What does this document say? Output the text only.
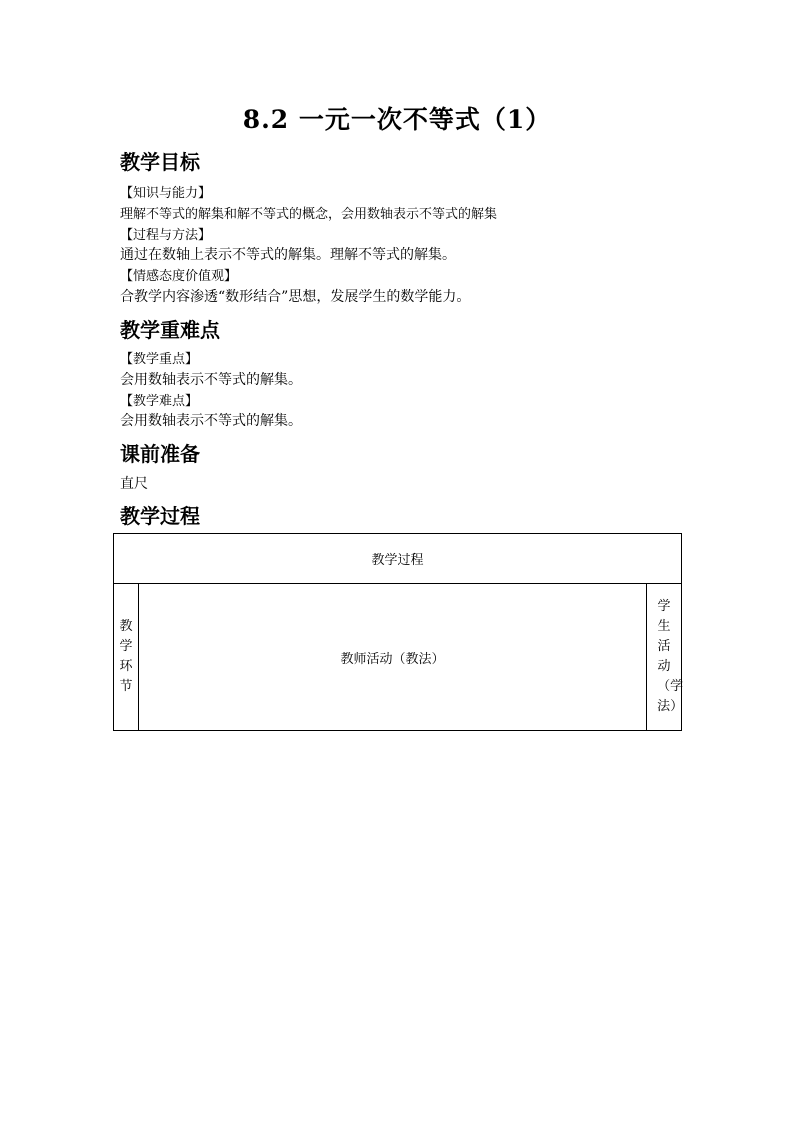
8.2 一元一次不等式（1）
教学目标
【知识与能力】
理解不等式的解集和解不等式的概念，会用数轴表示不等式的解集
【过程与方法】
通过在数轴上表示不等式的解集。理解不等式的解集。
【情感态度价值观】
合教学内容渗透“数形结合”思想，发展学生的数学能力。
教学重难点
【教学重点】
会用数轴表示不等式的解集。
【教学难点】
会用数轴表示不等式的解集。
课前准备
直尺
教学过程
教学过程
教学环节	教师活动（教法）	学生活动（学法）
